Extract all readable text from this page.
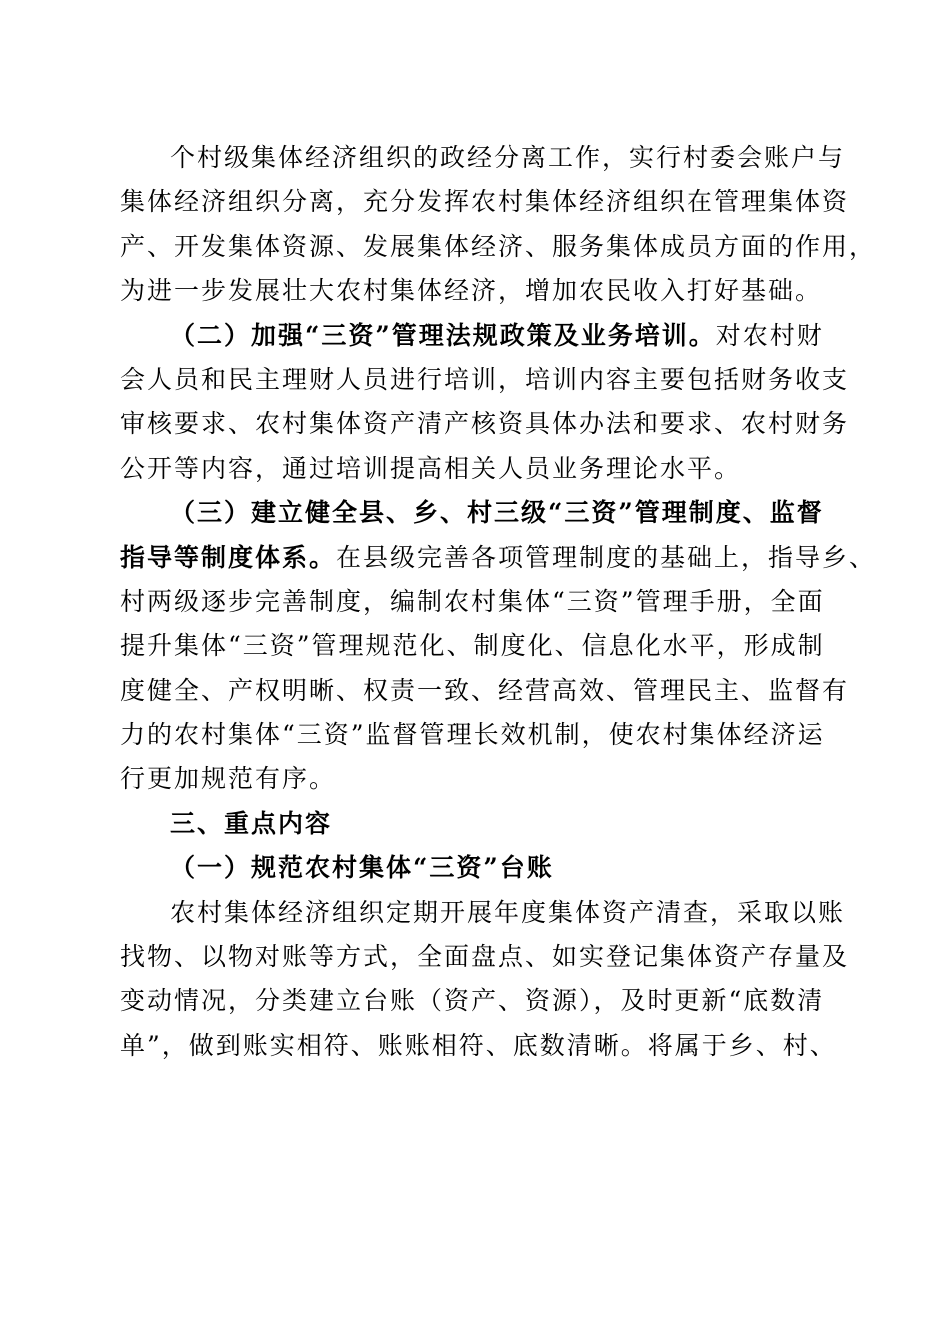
个村级集体经济组织的政经分离工作，实行村委会账户与
集体经济组织分离，充分发挥农村集体经济组织在管理集体资
产、开发集体资源、发展集体经济、服务集体成员方面的作用，
为进一步发展壮大农村集体经济，增加农民收入打好基础。
（二）加强“三资”管理法规政策及业务培训。对农村财
会人员和民主理财人员进行培训，培训内容主要包括财务收支
审核要求、农村集体资产清产核资具体办法和要求、农村财务
公开等内容，通过培训提高相关人员业务理论水平。
（三）建立健全县、乡、村三级“三资”管理制度、监督
指导等制度体系。在县级完善各项管理制度的基础上，指导乡、
村两级逐步完善制度，编制农村集体“三资”管理手册，全面
提升集体“三资”管理规范化、制度化、信息化水平，形成制
度健全、产权明晰、权责一致、经营高效、管理民主、监督有
力的农村集体“三资”监督管理长效机制，使农村集体经济运
行更加规范有序。
三、重点内容
（一）规范农村集体“三资”台账
农村集体经济组织定期开展年度集体资产清查，采取以账
找物、以物对账等方式，全面盘点、如实登记集体资产存量及
变动情况，分类建立台账（资产、资源），及时更新“底数清
单”，做到账实相符、账账相符、底数清晰。将属于乡、村、
